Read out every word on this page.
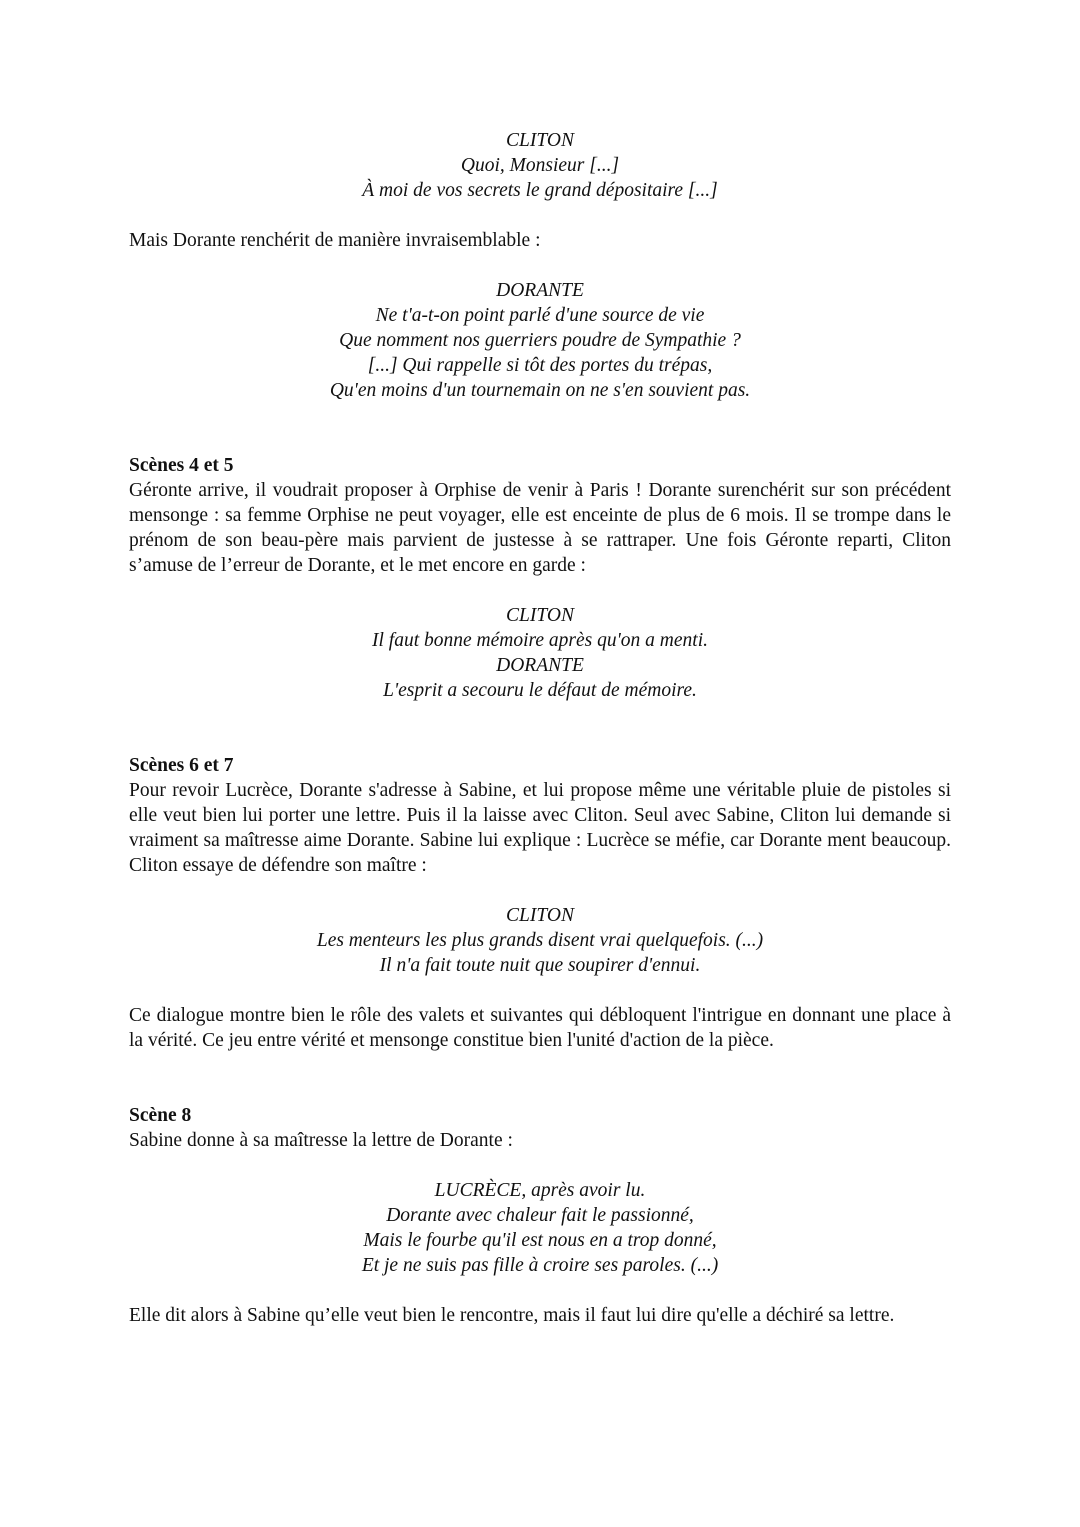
CLITON
Quoi, Monsieur [...]
À moi de vos secrets le grand dépositaire [...]

Mais Dorante renchérit de manière invraisemblable :

DORANTE
Ne t'a-t-on point parlé d'une source de vie
Que nomment nos guerriers poudre de Sympathie ?
[...] Qui rappelle si tôt des portes du trépas,
Qu'en moins d'un tournemain on ne s'en souvient pas.
Scènes 4 et 5

Géronte arrive, il voudrait proposer à Orphise de venir à Paris ! Dorante surenchérit sur son précédent mensonge : sa femme Orphise ne peut voyager, elle est enceinte de plus de 6 mois. Il se trompe dans le prénom de son beau-père mais parvient de justesse à se rattraper. Une fois Géronte reparti, Cliton s’amuse de l’erreur de Dorante, et le met encore en garde :

CLITON
Il faut bonne mémoire après qu'on a menti.
DORANTE
L'esprit a secouru le défaut de mémoire.
Scènes 6 et 7

Pour revoir Lucrèce, Dorante s'adresse à Sabine, et lui propose même une véritable pluie de pistoles si elle veut bien lui porter une lettre. Puis il la laisse avec Cliton. Seul avec Sabine, Cliton lui demande si vraiment sa maîtresse aime Dorante. Sabine lui explique : Lucrèce se méfie, car Dorante ment beaucoup. Cliton essaye de défendre son maître :

CLITON
Les menteurs les plus grands disent vrai quelquefois. (...)
Il n'a fait toute nuit que soupirer d'ennui.

Ce dialogue montre bien le rôle des valets et suivantes qui débloquent l'intrigue en donnant une place à la vérité. Ce jeu entre vérité et mensonge constitue bien l'unité d'action de la pièce.

Scène 8

Sabine donne à sa maîtresse la lettre de Dorante :

LUCRÈCE, après avoir lu.
Dorante avec chaleur fait le passionné,
Mais le fourbe qu'il est nous en a trop donné,
Et je ne suis pas fille à croire ses paroles. (...)

Elle dit alors à Sabine qu’elle veut bien le rencontre, mais il faut lui dire qu'elle a déchiré sa lettre.
